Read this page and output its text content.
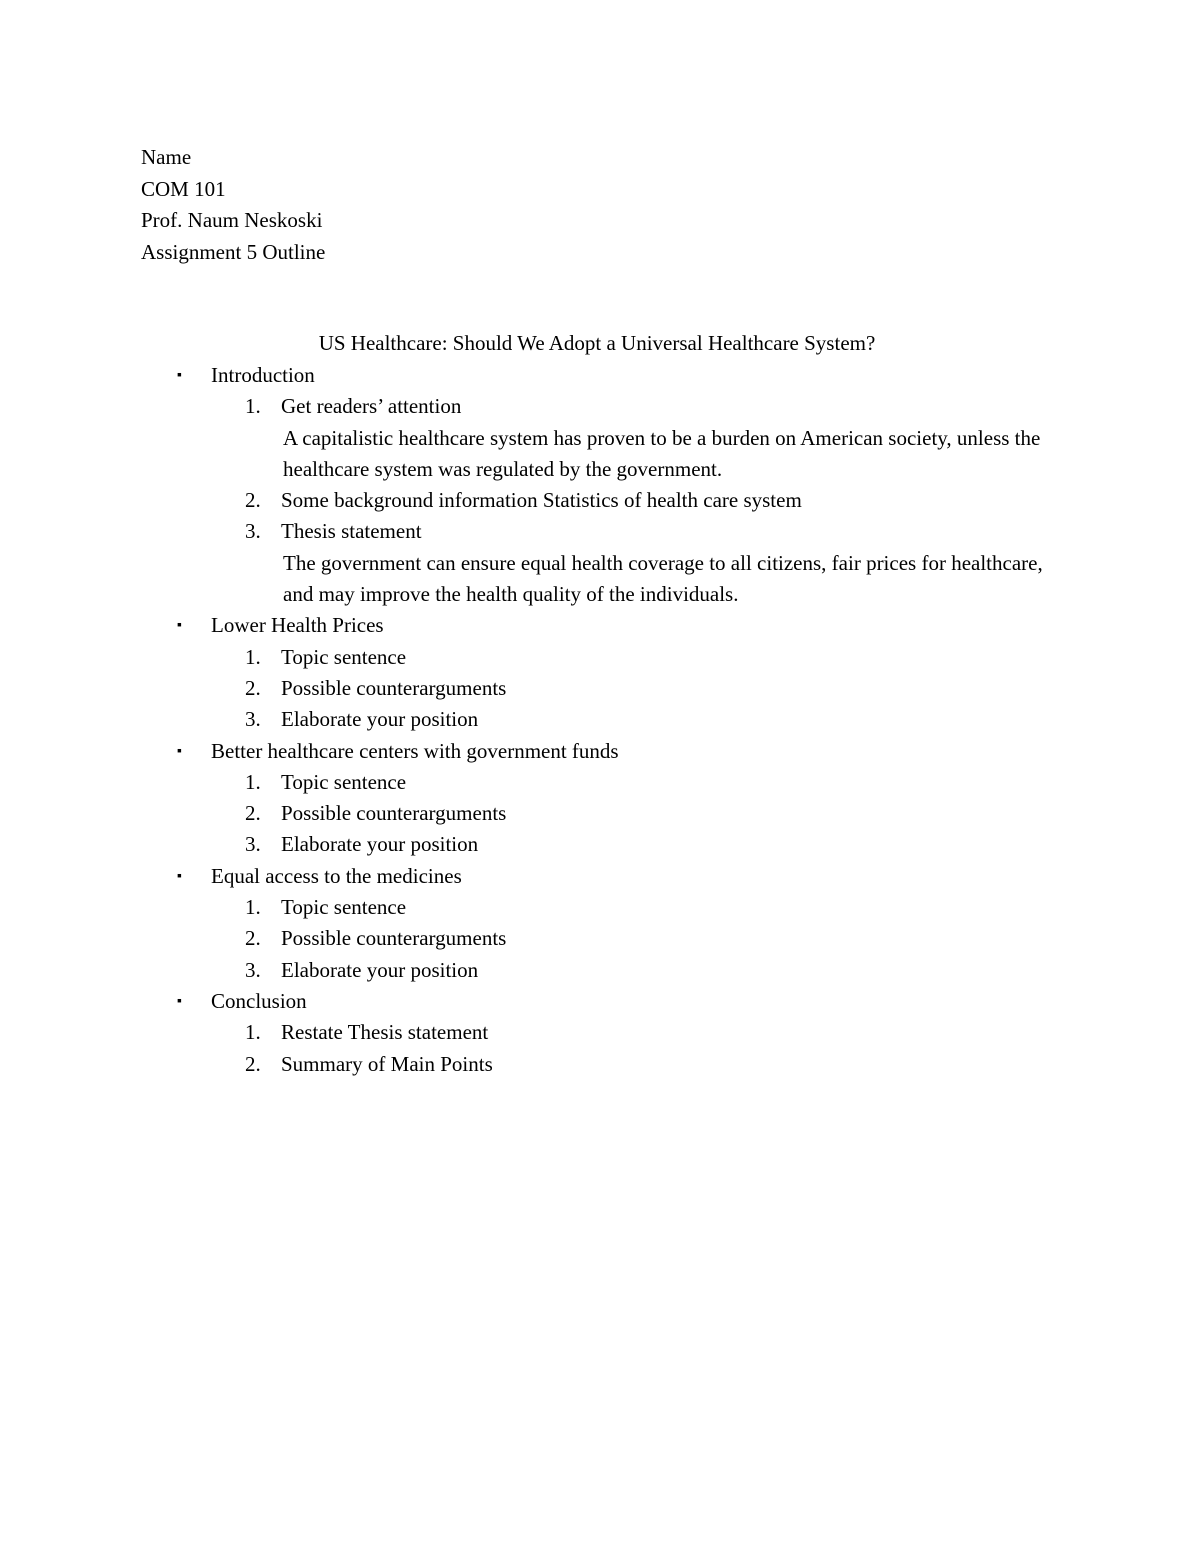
Name
COM 101
Prof. Naum Neskoski
Assignment 5 Outline
US Healthcare: Should We Adopt a Universal Healthcare System?
▪ Introduction
1. Get readers’ attention
A capitalistic healthcare system has proven to be a burden on American society, unless the healthcare system was regulated by the government.
2. Some background information Statistics of health care system
3. Thesis statement
The government can ensure equal health coverage to all citizens, fair prices for healthcare, and may improve the health quality of the individuals.
▪ Lower Health Prices
1. Topic sentence
2. Possible counterarguments
3. Elaborate your position
▪ Better healthcare centers with government funds
1. Topic sentence
2. Possible counterarguments
3. Elaborate your position
▪ Equal access to the medicines
1. Topic sentence
2. Possible counterarguments
3. Elaborate your position
▪ Conclusion
1. Restate Thesis statement
2. Summary of Main Points
